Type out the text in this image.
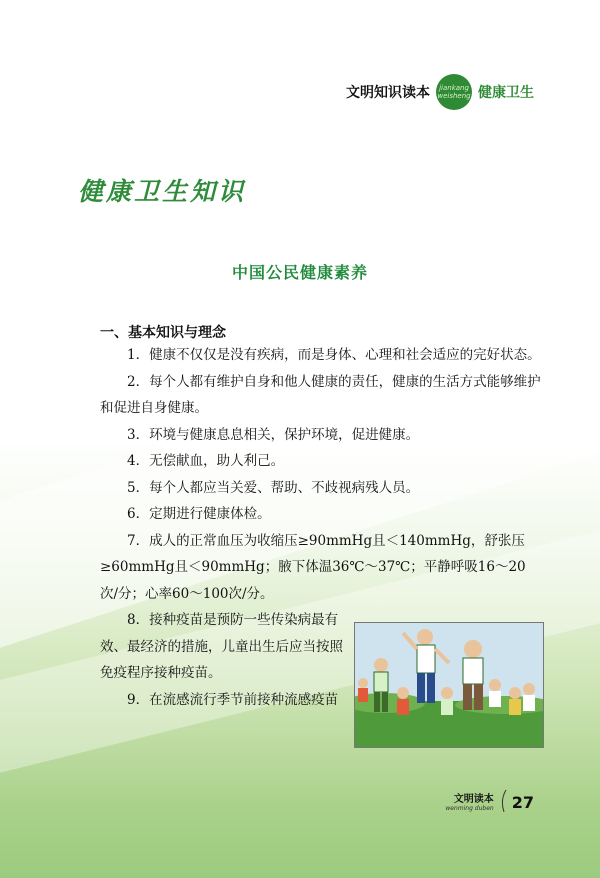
文明知识读本 jiankang
weisheng 健康卫生
健康卫生知识
中国公民健康素养
一、基本知识与理念

1．健康不仅仅是没有疾病，而是身体、心理和社会适应的完好状态。

2．每个人都有维护自身和他人健康的责任，健康的生活方式能够维护和促进自身健康。

3．环境与健康息息相关，保护环境，促进健康。

4．无偿献血，助人利己。

5．每个人都应当关爱、帮助、不歧视病残人员。

6．定期进行健康体检。

7．成人的正常血压为收缩压≥90mmHg且＜140mmHg，舒张压≥60mmHg且＜90mmHg；腋下体温36℃～37℃；平静呼吸16～20次/分；心率60～100次/分。

8．接种疫苗是预防一些传染病最有效、最经济的措施，儿童出生后应当按照免疫程序接种疫苗。

9．在流感流行季节前接种流感疫苗

文明读本
wenming duben 27
